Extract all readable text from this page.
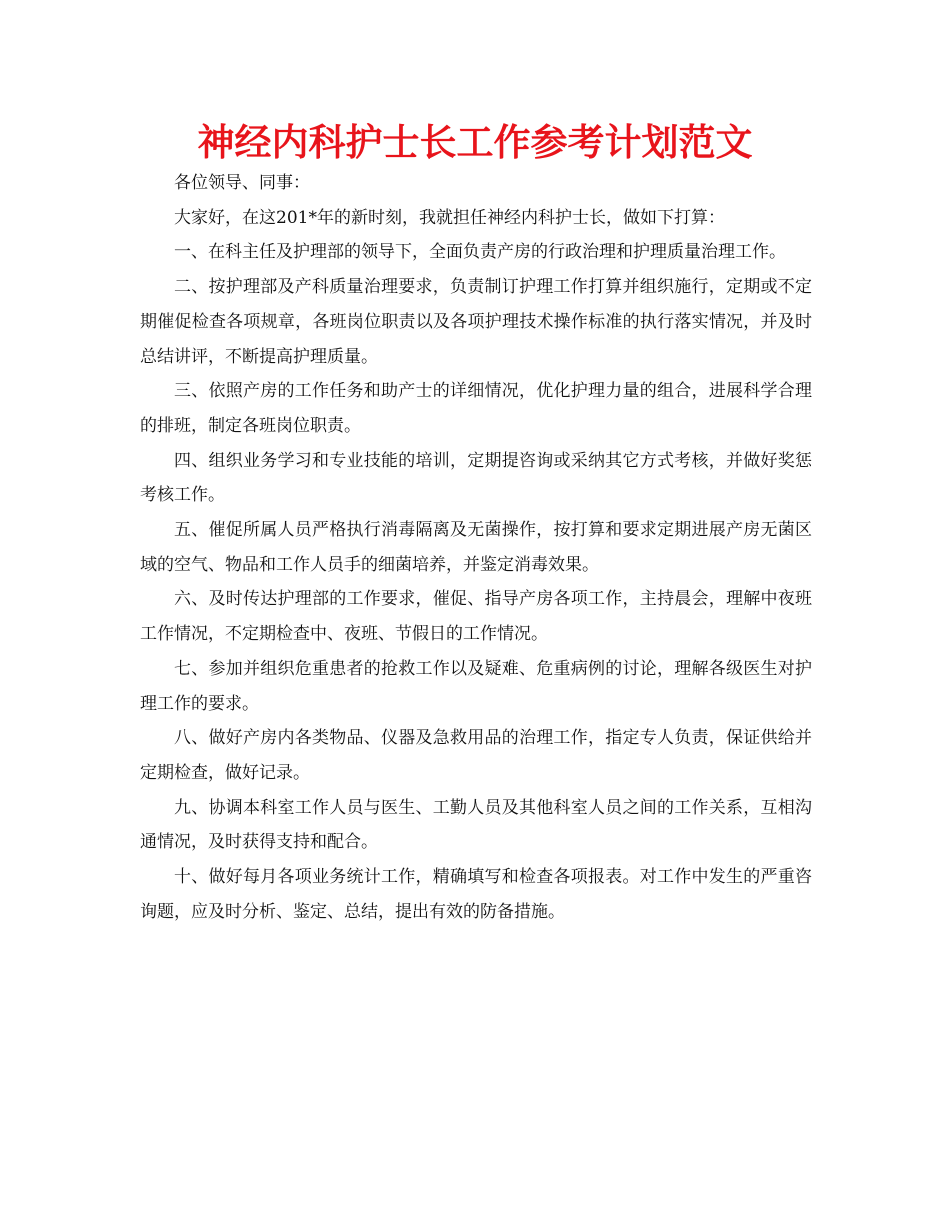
神经内科护士长工作参考计划范文

各位领导、同事：

大家好，在这201*年的新时刻，我就担任神经内科护士长，做如下打算：

一、在科主任及护理部的领导下，全面负责产房的行政治理和护理质量治理工作。

二、按护理部及产科质量治理要求，负责制订护理工作打算并组织施行，定期或不定期催促检查各项规章，各班岗位职责以及各项护理技术操作标准的执行落实情况，并及时总结讲评，不断提高护理质量。

三、依照产房的工作任务和助产士的详细情况，优化护理力量的组合，进展科学合理的排班，制定各班岗位职责。

四、组织业务学习和专业技能的培训，定期提咨询或采纳其它方式考核，并做好奖惩考核工作。

五、催促所属人员严格执行消毒隔离及无菌操作，按打算和要求定期进展产房无菌区域的空气、物品和工作人员手的细菌培养，并鉴定消毒效果。

六、及时传达护理部的工作要求，催促、指导产房各项工作，主持晨会，理解中夜班工作情况，不定期检查中、夜班、节假日的工作情况。

七、参加并组织危重患者的抢救工作以及疑难、危重病例的讨论，理解各级医生对护理工作的要求。

八、做好产房内各类物品、仪器及急救用品的治理工作，指定专人负责，保证供给并定期检查，做好记录。

九、协调本科室工作人员与医生、工勤人员及其他科室人员之间的工作关系，互相沟通情况，及时获得支持和配合。

十、做好每月各项业务统计工作，精确填写和检查各项报表。对工作中发生的严重咨询题，应及时分析、鉴定、总结，提出有效的防备措施。
